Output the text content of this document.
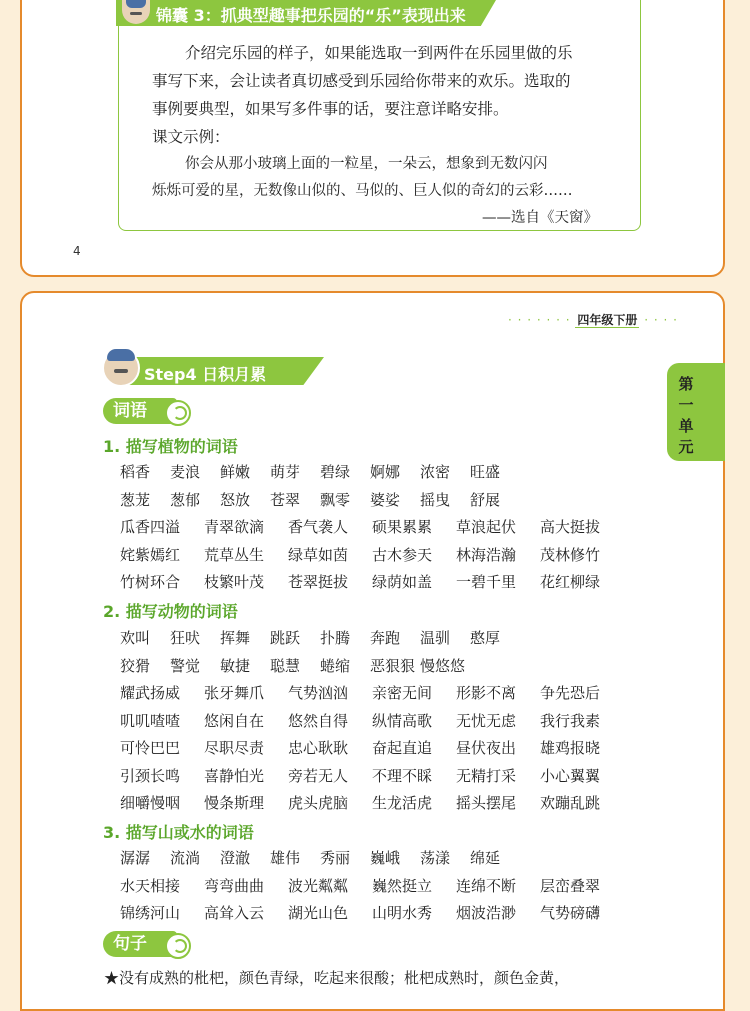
锦囊 3：抓典型趣事把乐园的“乐”表现出来
介绍完乐园的样子，如果能选取一到两件在乐园里做的乐
事写下来，会让读者真切感受到乐园给你带来的欢乐。选取的
事例要典型，如果写多件事的话，要注意详略安排。
课文示例：
你会从那小玻璃上面的一粒星，一朵云，想象到无数闪闪
烁烁可爱的星，无数像山似的、马似的、巨人似的奇幻的云彩……
——选自《天窗》
4
· · · · · · · 四年级下册 · · · ·
Step4 日积月累	第一单元
词语
1. 描写植物的词语
稻香 麦浪 鲜嫩 萌芽 碧绿 婀娜 浓密 旺盛
葱茏 葱郁 怒放 苍翠 飘零 婆娑 摇曳 舒展
瓜香四溢 青翠欲滴 香气袭人 硕果累累 草浪起伏 高大挺拔
姹紫嫣红 荒草丛生 绿草如茵 古木参天 林海浩瀚 茂林修竹
竹树环合 枝繁叶茂 苍翠挺拔 绿荫如盖 一碧千里 花红柳绿
2. 描写动物的词语
欢叫 狂吠 挥舞 跳跃 扑腾 奔跑 温驯 憨厚
狡猾 警觉 敏捷 聪慧 蜷缩 恶狠狠 慢悠悠
耀武扬威 张牙舞爪 气势汹汹 亲密无间 形影不离 争先恐后
叽叽喳喳 悠闲自在 悠然自得 纵情高歌 无忧无虑 我行我素
可怜巴巴 尽职尽责 忠心耿耿 奋起直追 昼伏夜出 雄鸡报晓
引颈长鸣 喜静怕光 旁若无人 不理不睬 无精打采 小心翼翼
细嚼慢咽 慢条斯理 虎头虎脑 生龙活虎 摇头摆尾 欢蹦乱跳
3. 描写山或水的词语
潺潺 流淌 澄澈 雄伟 秀丽 巍峨 荡漾 绵延
水天相接 弯弯曲曲 波光粼粼 巍然挺立 连绵不断 层峦叠翠
锦绣河山 高耸入云 湖光山色 山明水秀 烟波浩渺 气势磅礴
句子
★没有成熟的枇杷，颜色青绿，吃起来很酸；枇杷成熟时，颜色金黄，
